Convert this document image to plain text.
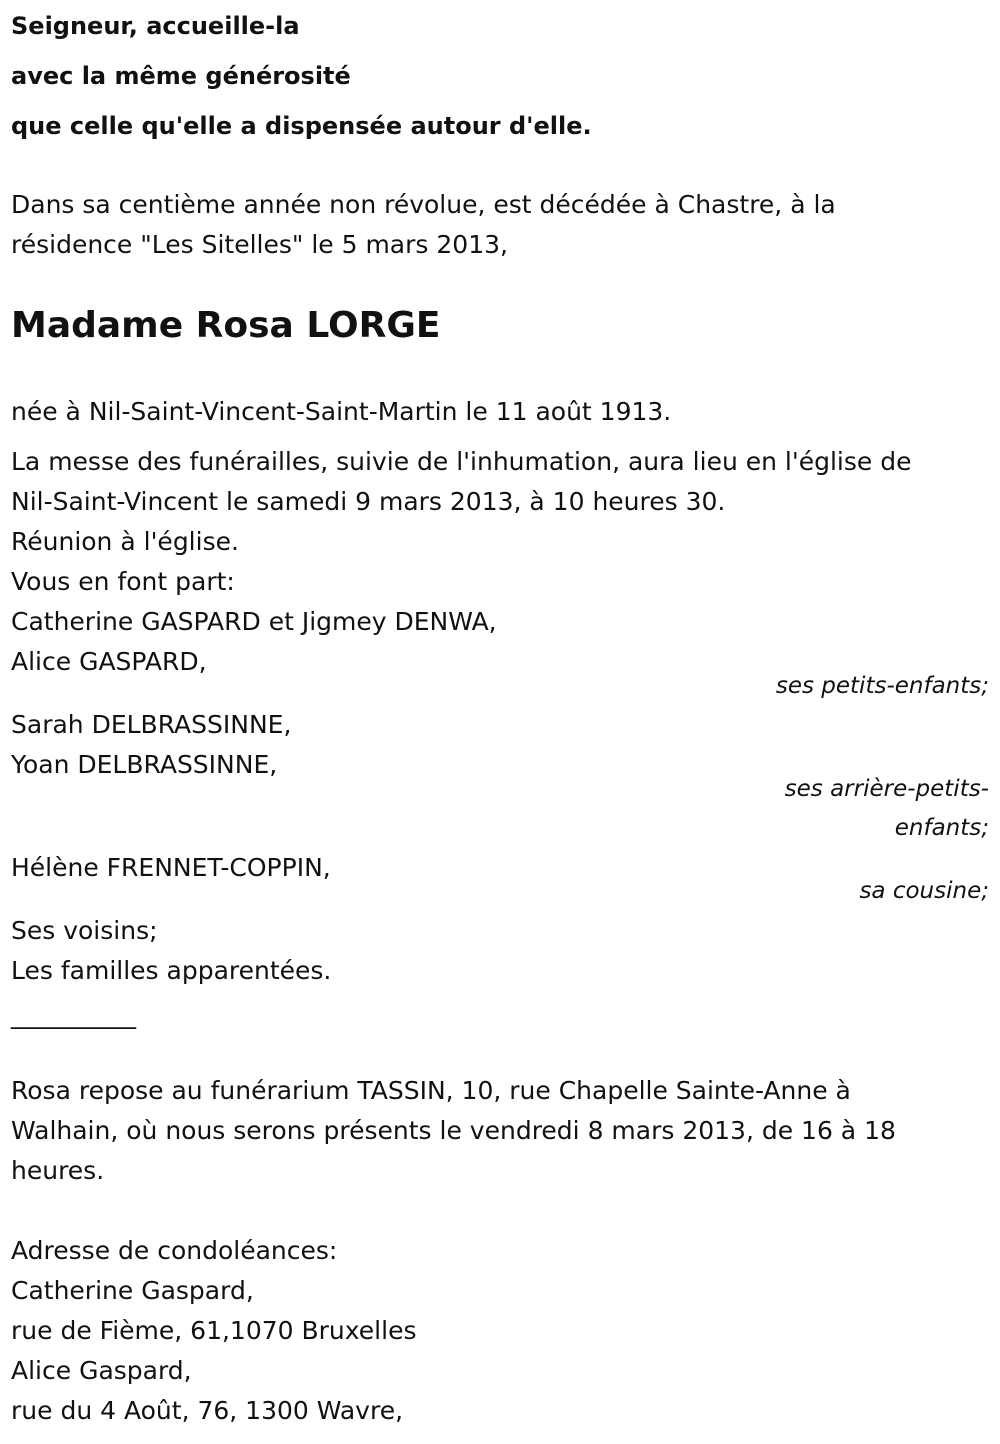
Seigneur, accueille-la
avec la même générosité
que celle qu'elle a dispensée autour d'elle.
Dans sa centième année non révolue, est décédée à Chastre, à la
résidence "Les Sitelles" le 5 mars 2013,
Madame Rosa LORGE
née à Nil-Saint-Vincent-Saint-Martin le 11 août 1913.
La messe des funérailles, suivie de l'inhumation, aura lieu en l'église de
Nil-Saint-Vincent le samedi 9 mars 2013, à 10 heures 30.
Réunion à l'église.
Vous en font part:
Catherine GASPARD et Jigmey DENWA,
Alice GASPARD,
ses petits-enfants;
Sarah DELBRASSINNE,
Yoan DELBRASSINNE,
ses arrière-petits-
enfants;
Hélène FRENNET-COPPIN,
sa cousine;
Ses voisins;
Les familles apparentées.
__________
Rosa repose au funérarium TASSIN, 10, rue Chapelle Sainte-Anne à
Walhain, où nous serons présents le vendredi 8 mars 2013, de 16 à 18
heures.
Adresse de condoléances:
Catherine Gaspard,
rue de Fième, 61,1070 Bruxelles
Alice Gaspard,
rue du 4 Août, 76, 1300 Wavre,
